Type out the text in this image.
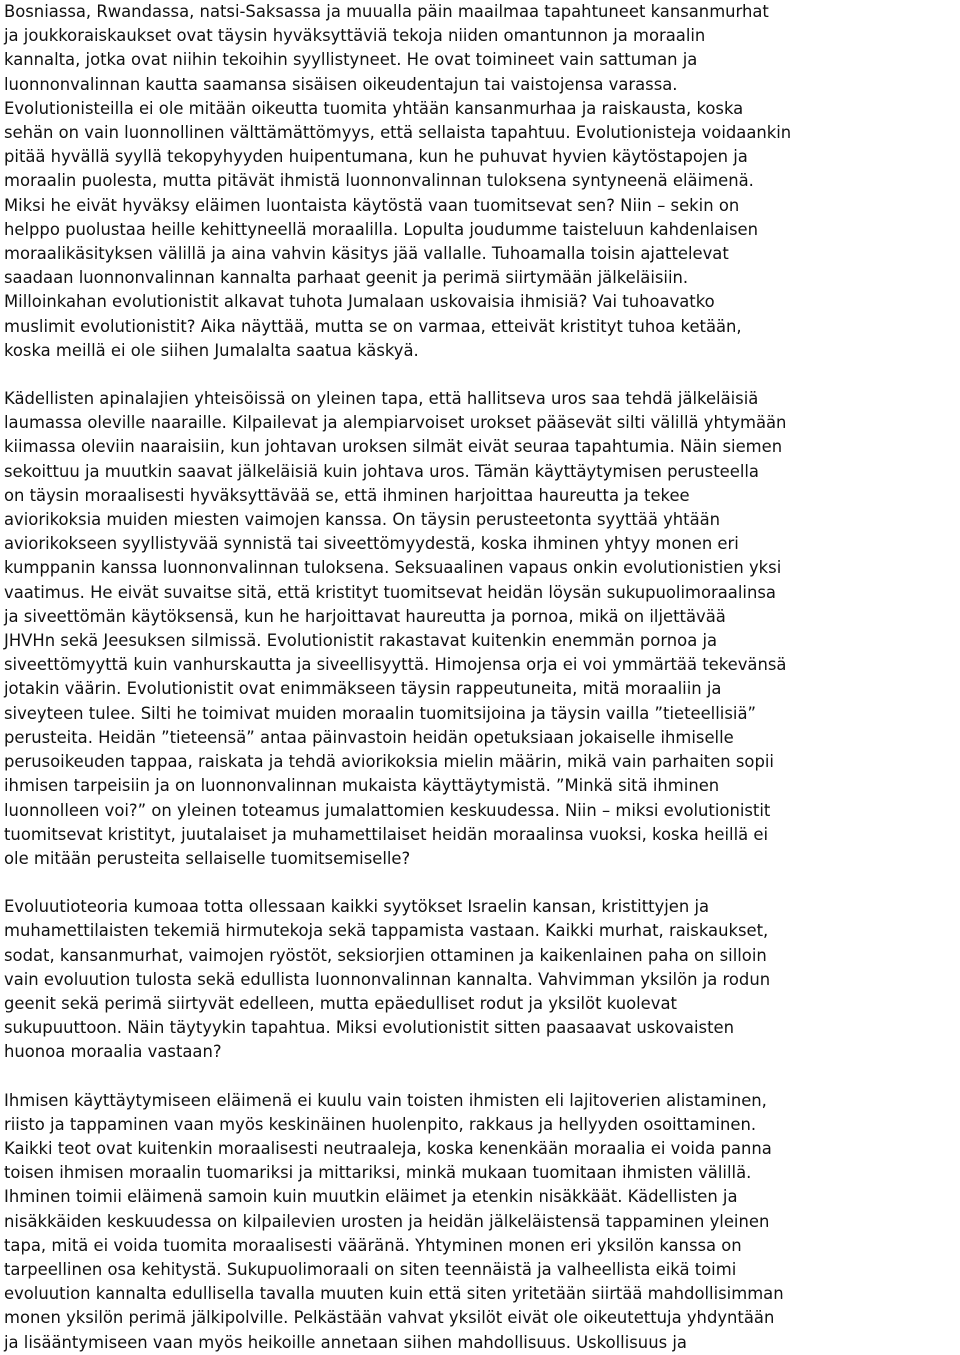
Bosniassa, Rwandassa, natsi-Saksassa ja muualla päin maailmaa tapahtuneet kansanmurhat
ja joukkoraiskaukset ovat täysin hyväksyttäviä tekoja niiden omantunnon ja moraalin
kannalta, jotka ovat niihin tekoihin syyllistyneet. He ovat toimineet vain sattuman ja
luonnonvalinnan kautta saamansa sisäisen oikeudentajun tai vaistojensa varassa.
Evolutionisteilla ei ole mitään oikeutta tuomita yhtään kansanmurhaa ja raiskausta, koska
sehän on vain luonnollinen välttämättömyys, että sellaista tapahtuu. Evolutionisteja voidaankin
pitää hyvällä syyllä tekopyhyyden huipentumana, kun he puhuvat hyvien käytöstapojen ja
moraalin puolesta, mutta pitävät ihmistä luonnonvalinnan tuloksena syntyneenä eläimenä.
Miksi he eivät hyväksy eläimen luontaista käytöstä vaan tuomitsevat sen? Niin – sekin on
helppo puolustaa heille kehittyneellä moraalilla. Lopulta joudumme taisteluun kahdenlaisen
moraalikäsityksen välillä ja aina vahvin käsitys jää vallalle. Tuhoamalla toisin ajattelevat
saadaan luonnonvalinnan kannalta parhaat geenit ja perimä siirtymään jälkeläisiin.
Milloinkahan evolutionistit alkavat tuhota Jumalaan uskovaisia ihmisiä? Vai tuhoavatko
muslimit evolutionistit? Aika näyttää, mutta se on varmaa, etteivät kristityt tuhoa ketään,
koska meillä ei ole siihen Jumalalta saatua käskyä.
Kädellisten apinalajien yhteisöissä on yleinen tapa, että hallitseva uros saa tehdä jälkeläisiä
laumassa oleville naaraille. Kilpailevat ja alempiarvoiset urokset pääsevät silti välillä yhtymään
kiimassa oleviin naaraisiin, kun johtavan uroksen silmät eivät seuraa tapahtumia. Näin siemen
sekoittuu ja muutkin saavat jälkeläisiä kuin johtava uros. Tämän käyttäytymisen perusteella
on täysin moraalisesti hyväksyttävää se, että ihminen harjoittaa haureutta ja tekee
aviorikoksia muiden miesten vaimojen kanssa. On täysin perusteetonta syyttää yhtään
aviorikokseen syyllistyvää synnistä tai siveettömyydestä, koska ihminen yhtyy monen eri
kumppanin kanssa luonnonvalinnan tuloksena. Seksuaalinen vapaus onkin evolutionistien yksi
vaatimus. He eivät suvaitse sitä, että kristityt tuomitsevat heidän löysän sukupuolimoraalinsa
ja siveettömän käytöksensä, kun he harjoittavat haureutta ja pornoa, mikä on iljettävää
JHVHn sekä Jeesuksen silmissä. Evolutionistit rakastavat kuitenkin enemmän pornoa ja
siveettömyyttä kuin vanhurskautta ja siveellisyyttä. Himojensa orja ei voi ymmärtää tekevänsä
jotakin väärin. Evolutionistit ovat enimmäkseen täysin rappeutuneita, mitä moraaliin ja
siveyteen tulee. Silti he toimivat muiden moraalin tuomitsijoina ja täysin vailla ”tieteellisiä”
perusteita. Heidän ”tieteensä” antaa päinvastoin heidän opetuksiaan jokaiselle ihmiselle
perusoikeuden tappaa, raiskata ja tehdä aviorikoksia mielin määrin, mikä vain parhaiten sopii
ihmisen tarpeisiin ja on luonnonvalinnan mukaista käyttäytymistä. ”Minkä sitä ihminen
luonnolleen voi?” on yleinen toteamus jumalattomien keskuudessa. Niin – miksi evolutionistit
tuomitsevat kristityt, juutalaiset ja muhamettilaiset heidän moraalinsa vuoksi, koska heillä ei
ole mitään perusteita sellaiselle tuomitsemiselle?
Evoluutioteoria kumoaa totta ollessaan kaikki syytökset Israelin kansan, kristittyjen ja
muhamettilaisten tekemiä hirmutekoja sekä tappamista vastaan. Kaikki murhat, raiskaukset,
sodat, kansanmurhat, vaimojen ryöstöt, seksiorjien ottaminen ja kaikenlainen paha on silloin
vain evoluution tulosta sekä edullista luonnonvalinnan kannalta. Vahvimman yksilön ja rodun
geenit sekä perimä siirtyvät edelleen, mutta epäedulliset rodut ja yksilöt kuolevat
sukupuuttoon. Näin täytyykin tapahtua. Miksi evolutionistit sitten paasaavat uskovaisten
huonoa moraalia vastaan?
Ihmisen käyttäytymiseen eläimenä ei kuulu vain toisten ihmisten eli lajitoverien alistaminen,
riisto ja tappaminen vaan myös keskinäinen huolenpito, rakkaus ja hellyyden osoittaminen.
Kaikki teot ovat kuitenkin moraalisesti neutraaleja, koska kenenkään moraalia ei voida panna
toisen ihmisen moraalin tuomariksi ja mittariksi, minkä mukaan tuomitaan ihmisten välillä.
Ihminen toimii eläimenä samoin kuin muutkin eläimet ja etenkin nisäkkäät. Kädellisten ja
nisäkkäiden keskuudessa on kilpailevien urosten ja heidän jälkeläistensä tappaminen yleinen
tapa, mitä ei voida tuomita moraalisesti vääränä. Yhtyminen monen eri yksilön kanssa on
tarpeellinen osa kehitystä. Sukupuolimoraali on siten teennäistä ja valheellista eikä toimi
evoluution kannalta edullisella tavalla muuten kuin että siten yritetään siirtää mahdollisimman
monen yksilön perimä jälkipolville. Pelkästään vahvat yksilöt eivät ole oikeutettuja yhdyntään
ja lisääntymiseen vaan myös heikoille annetaan siihen mahdollisuus. Uskollisuus ja
